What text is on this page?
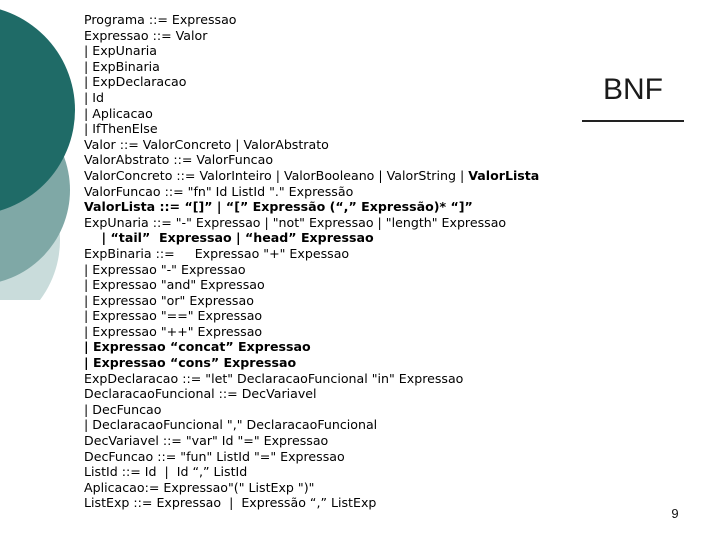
Programa ::= Expressao
Expressao ::= Valor
| ExpUnaria
| ExpBinaria
| ExpDeclaracao
| Id
| Aplicacao
| IfThenElse
Valor ::= ValorConcreto | ValorAbstrato
ValorAbstrato ::= ValorFuncao
ValorConcreto ::= ValorInteiro | ValorBooleano | ValorString | ValorLista
ValorFuncao ::= "fn" Id ListId "." Expressão
ValorLista ::= “[]” | “[” Expressão (“,” Expressão)* “]”
ExpUnaria ::= "-" Expressao | "not" Expressao | "length" Expressao
| “tail”  Expressao | “head” Expressao
ExpBinaria ::=     Expressao "+" Expessao
| Expressao "-" Expressao
| Expressao "and" Expressao
| Expressao "or" Expressao
| Expressao "==" Expressao
| Expressao "++" Expressao
| Expressao “concat” Expressao
| Expressao “cons” Expressao
ExpDeclaracao ::= "let" DeclaracaoFuncional "in" Expressao
DeclaracaoFuncional ::= DecVariavel
| DecFuncao
| DeclaracaoFuncional "," DeclaracaoFuncional
DecVariavel ::= "var" Id "=" Expressao
DecFuncao ::= "fun" ListId "=" Expressao
ListId ::= Id  |  Id “,” ListId
Aplicacao:= Expressao"(" ListExp ")"
ListExp ::= Expressao  |  Expressão “,” ListExp
BNF
9
